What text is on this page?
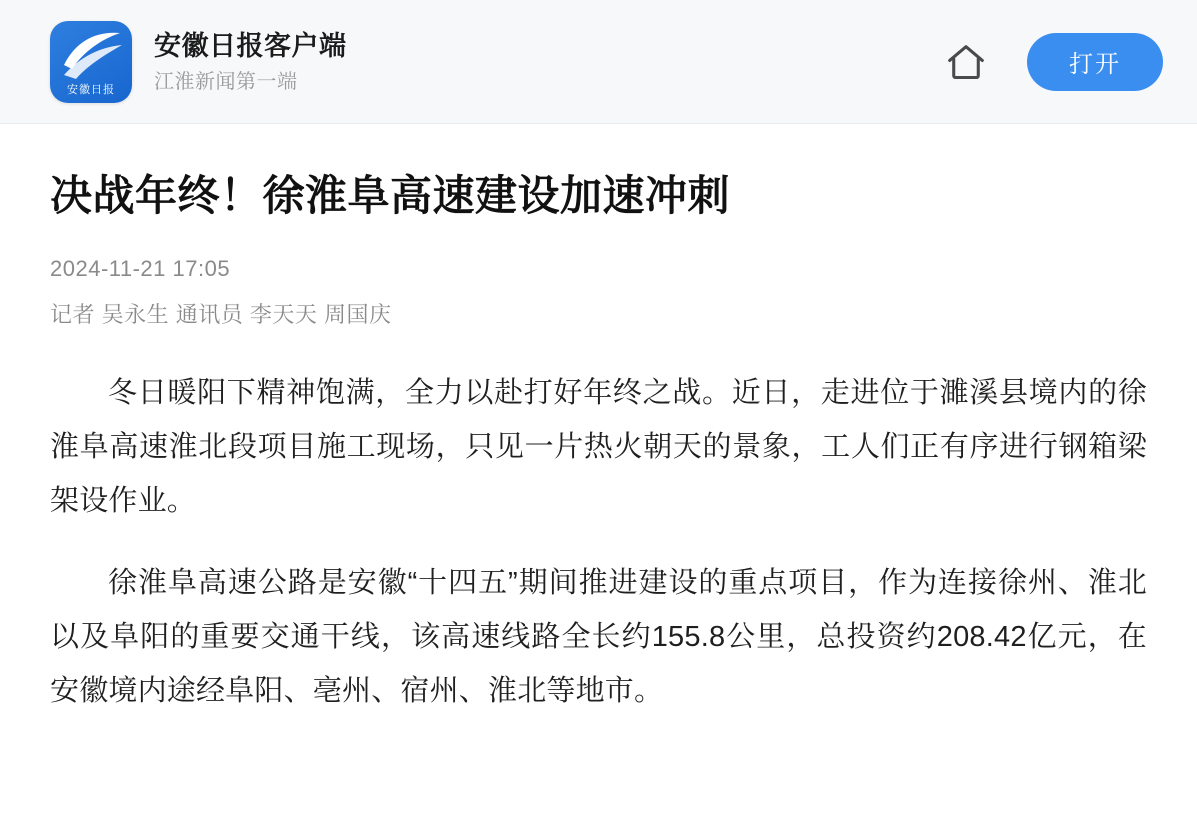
安徽日报
安徽日报客户端
江淮新闻第一端
打开
决战年终！徐淮阜高速建设加速冲刺
2024-11-21 17:05
记者 吴永生 通讯员 李天天 周国庆

冬日暖阳下精神饱满，全力以赴打好年终之战。近日，走进位于濉溪县境内的徐淮阜高速淮北段项目施工现场，只见一片热火朝天的景象，工人们正有序进行钢箱梁架设作业。

徐淮阜高速公路是安徽“十四五”期间推进建设的重点项目，作为连接徐州、淮北以及阜阳的重要交通干线，该高速线路全长约155.8公里，总投资约208.42亿元，在安徽境内途经阜阳、亳州、宿州、淮北等地市。
